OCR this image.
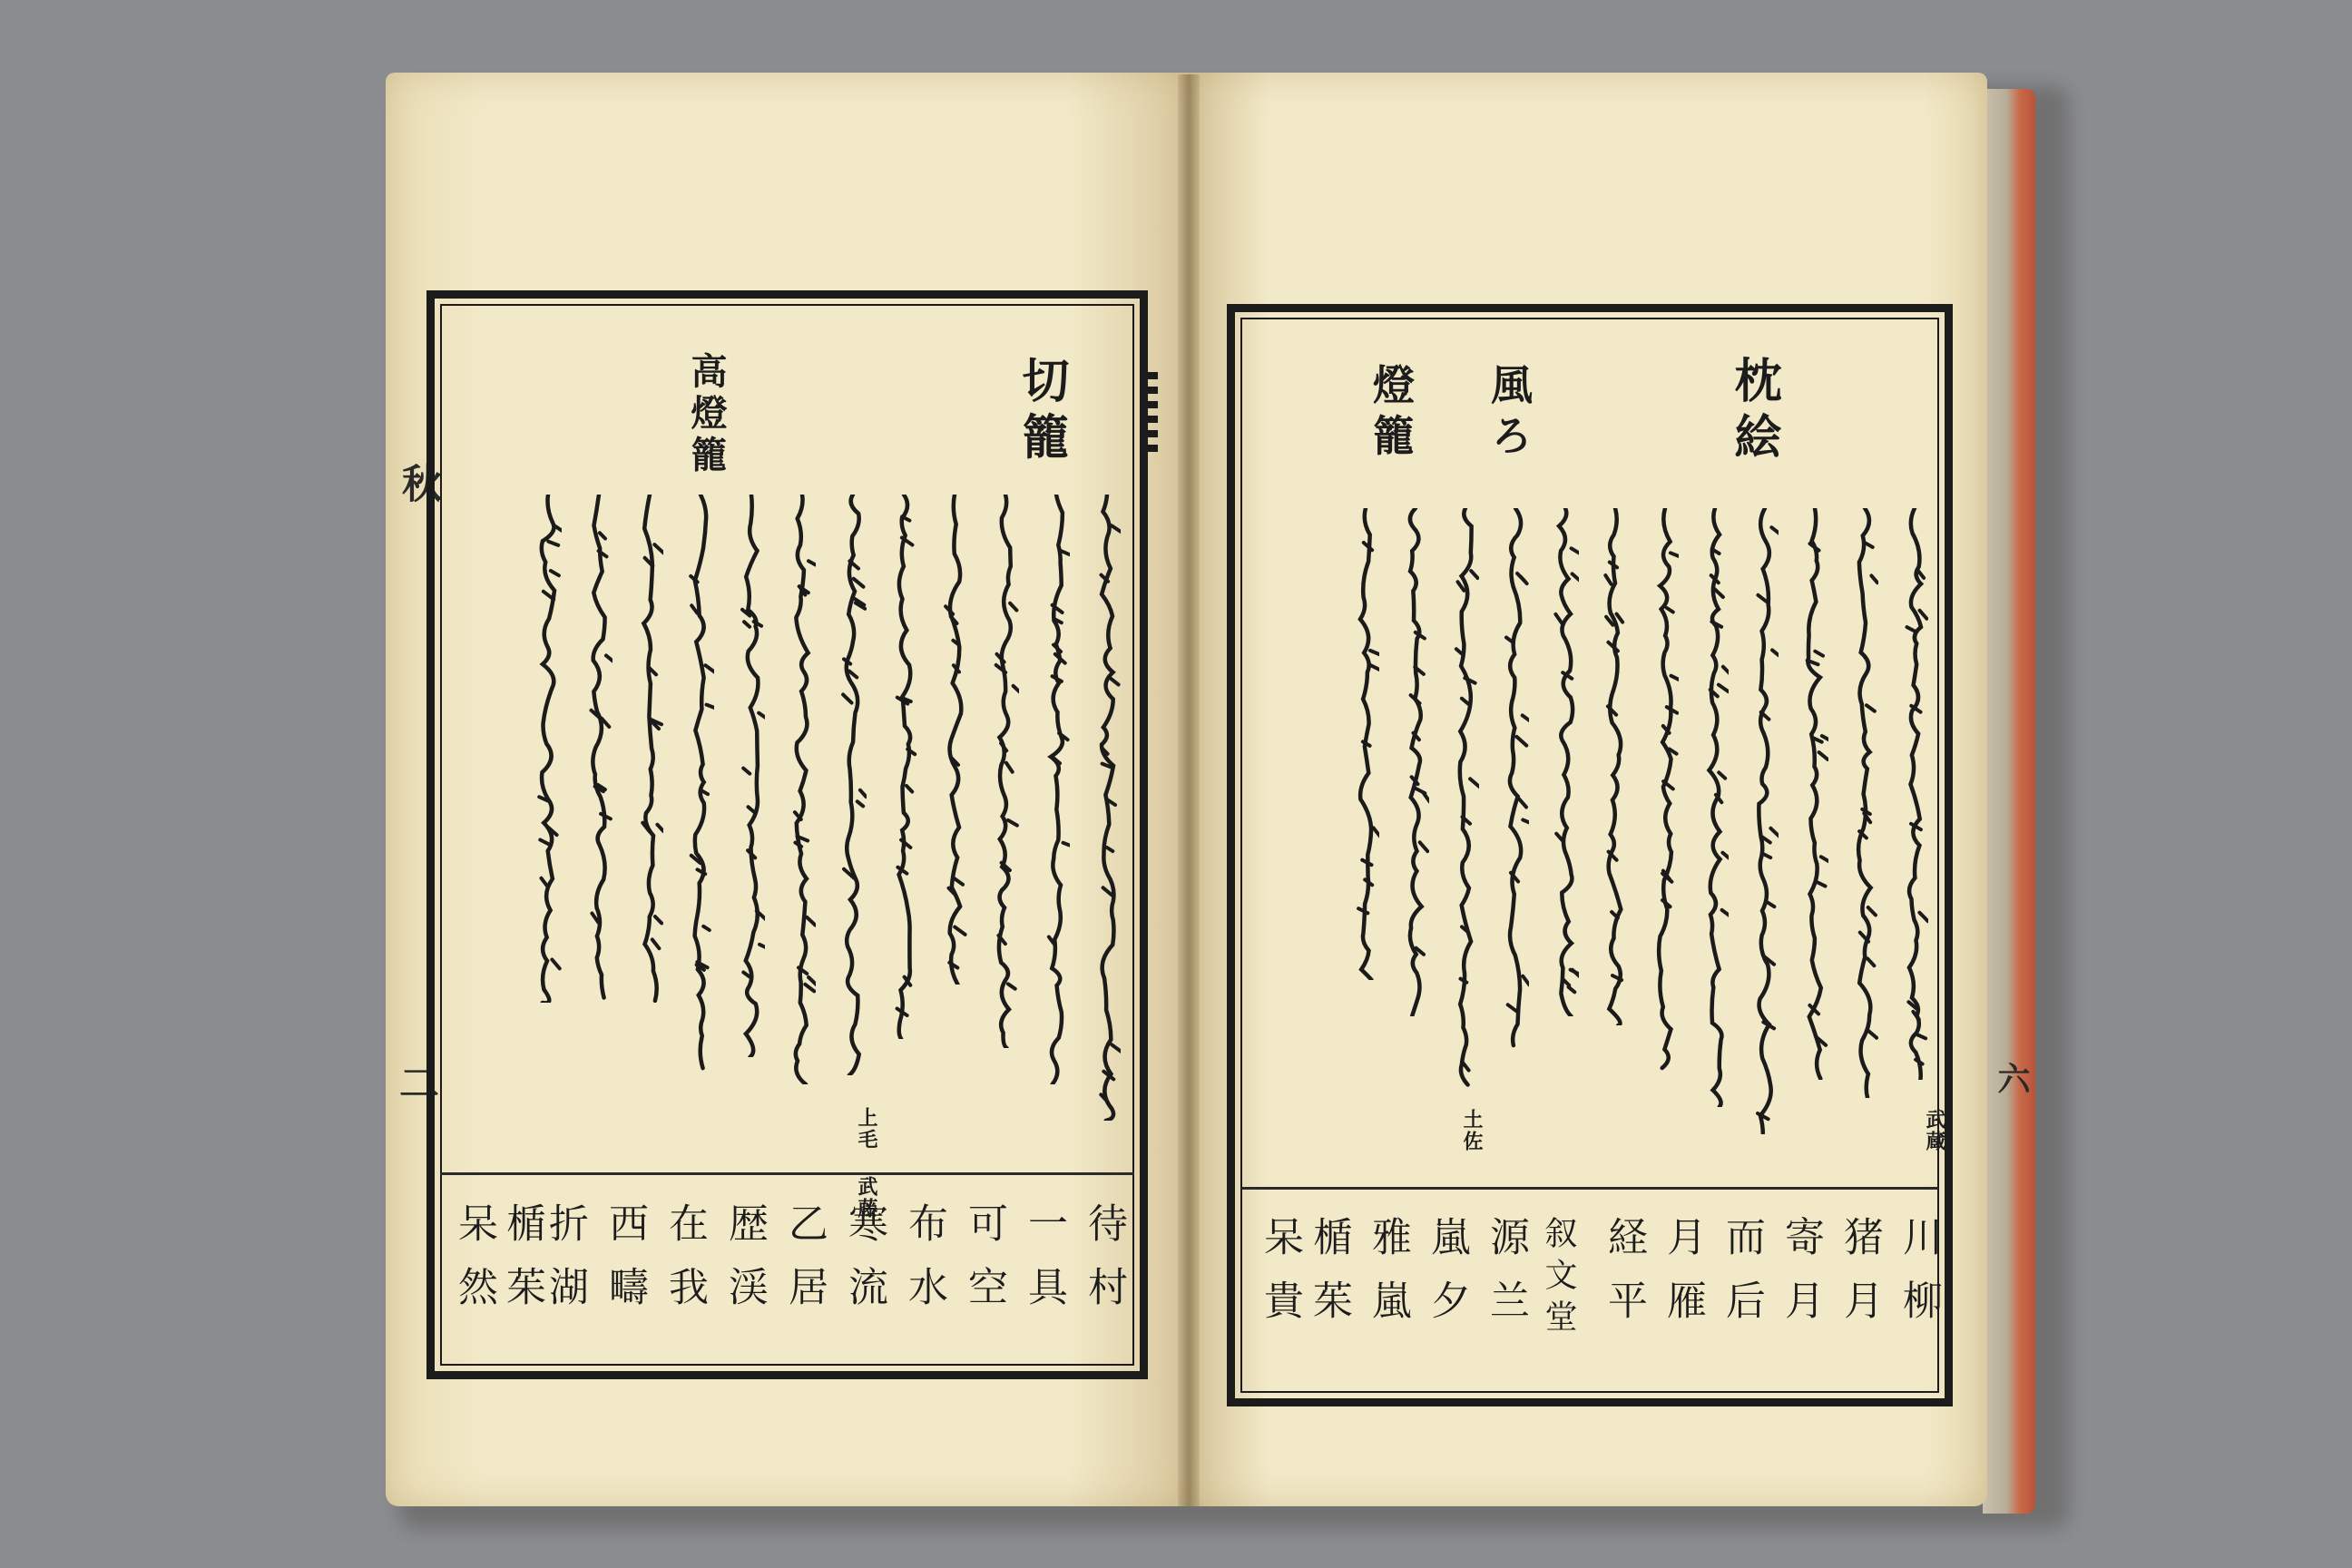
秋
二	六
切籠
高燈籠
上毛 武藤
枕絵
風ろ
燈籠
土佐	武蔵
待村
一具
可空
布水
寒流
乙居
歴渓
在我
西疇
折湖
楯茱
呆然	川柳
猪月
寄月
而后
月雁
経平
叙文堂
源兰
嵐夕
雅嵐
楯茱
呆貴
